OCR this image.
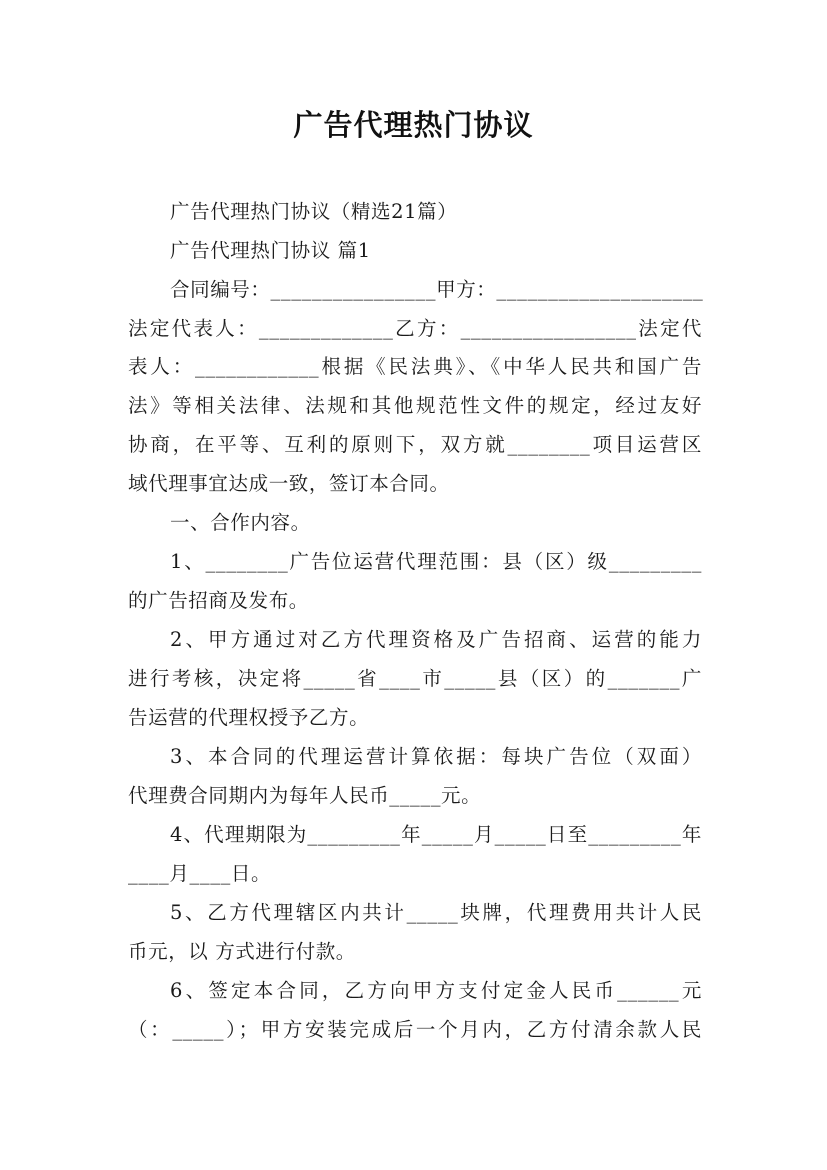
广告代理热门协议
广告代理热门协议（精选21篇）
广告代理热门协议 篇1
合同编号：________________甲方：____________________
法定代表人：_____________乙方：_________________法定代
表人：____________根据《民法典》、《中华人民共和国广告
法》等相关法律、法规和其他规范性文件的规定，经过友好
协商，在平等、互利的原则下，双方就________项目运营区
域代理事宜达成一致，签订本合同。
一、合作内容。
1、________广告位运营代理范围：县（区）级_________
的广告招商及发布。
2、甲方通过对乙方代理资格及广告招商、运营的能力
进行考核，决定将_____省____市_____县（区）的_______广
告运营的代理权授予乙方。
3、本合同的代理运营计算依据：每块广告位（双面）
代理费合同期内为每年人民币_____元。
4、代理期限为_________年_____月_____日至_________年
____月____日。
5、乙方代理辖区内共计_____块牌，代理费用共计人民
币元，以 方式进行付款。
6、签定本合同，乙方向甲方支付定金人民币______元
（：_____）；甲方安装完成后一个月内，乙方付清余款人民
